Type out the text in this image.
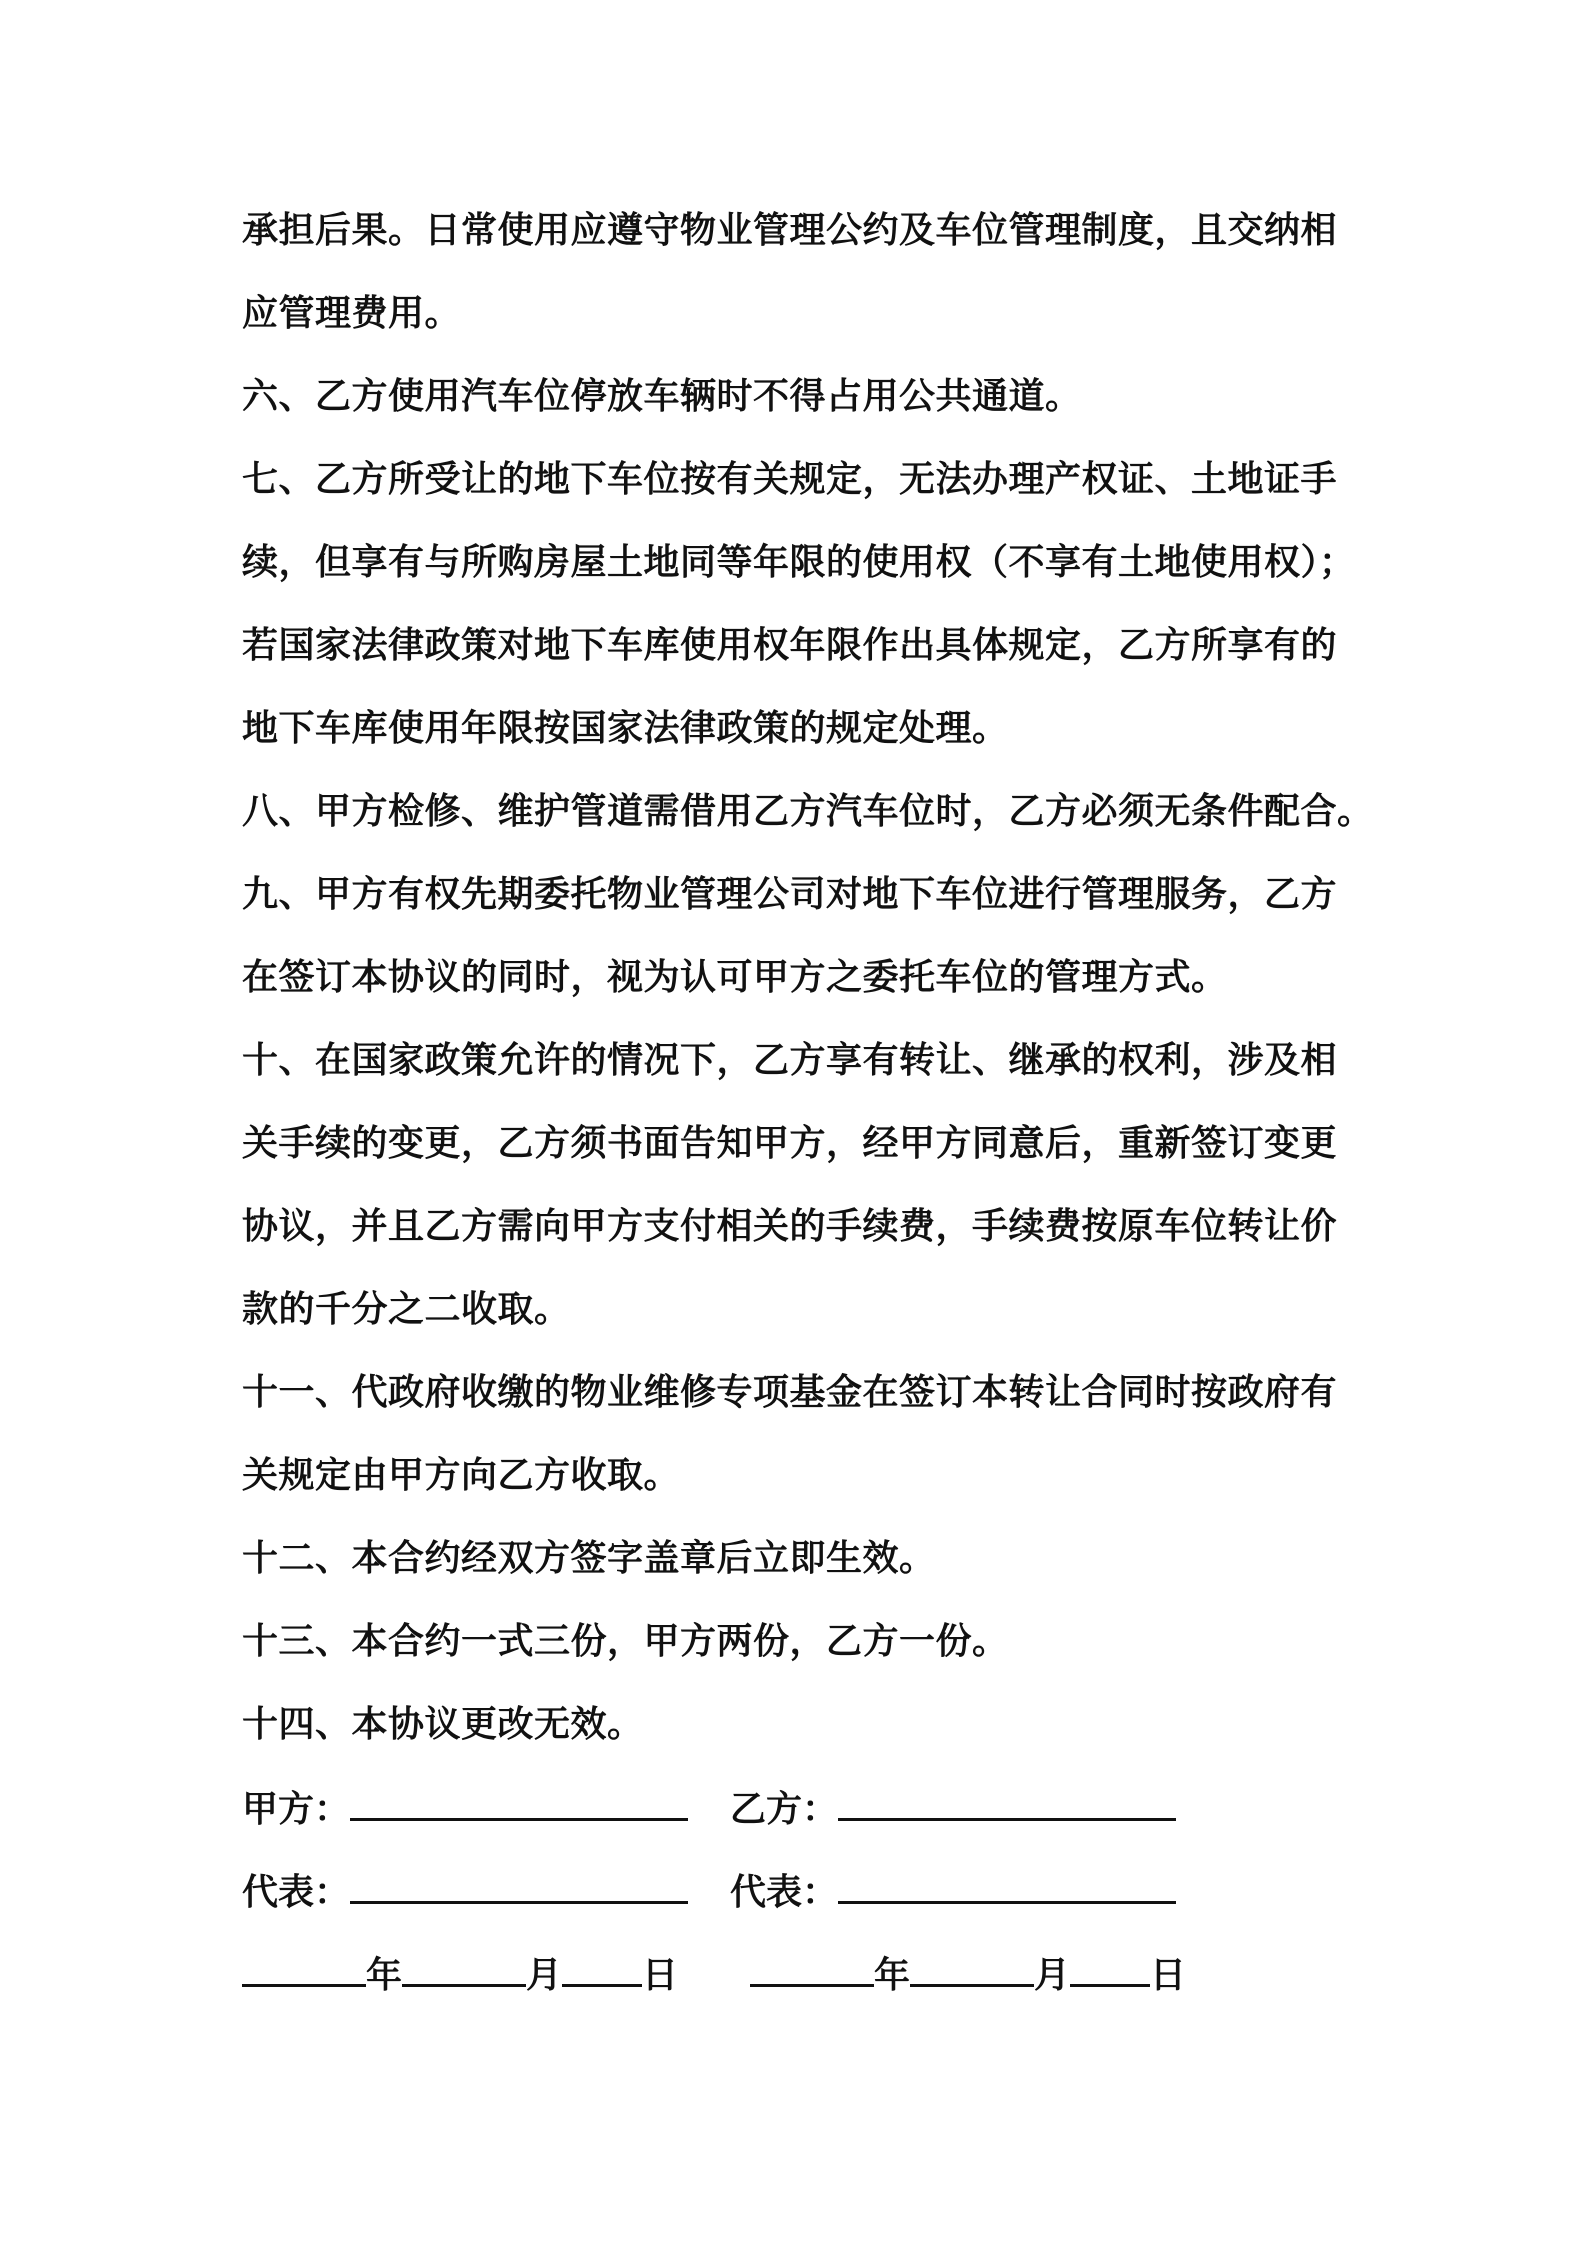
承担后果。日常使用应遵守物业管理公约及车位管理制度，且交纳相
应管理费用。
六、乙方使用汽车位停放车辆时不得占用公共通道。
七、乙方所受让的地下车位按有关规定，无法办理产权证、土地证手
续，但享有与所购房屋土地同等年限的使用权（不享有土地使用权）；
若国家法律政策对地下车库使用权年限作出具体规定，乙方所享有的
地下车库使用年限按国家法律政策的规定处理。
八、甲方检修、维护管道需借用乙方汽车位时，乙方必须无条件配合。
九、甲方有权先期委托物业管理公司对地下车位进行管理服务，乙方
在签订本协议的同时，视为认可甲方之委托车位的管理方式。
十、在国家政策允许的情况下，乙方享有转让、继承的权利，涉及相
关手续的变更，乙方须书面告知甲方，经甲方同意后，重新签订变更
协议，并且乙方需向甲方支付相关的手续费，手续费按原车位转让价
款的千分之二收取。
十一、代政府收缴的物业维修专项基金在签订本转让合同时按政府有
关规定由甲方向乙方收取。
十二、本合约经双方签字盖章后立即生效。
十三、本合约一式三份，甲方两份，乙方一份。
十四、本协议更改无效。
甲方：	乙方：
代表：	代表：
年	月 日	年	月 日
